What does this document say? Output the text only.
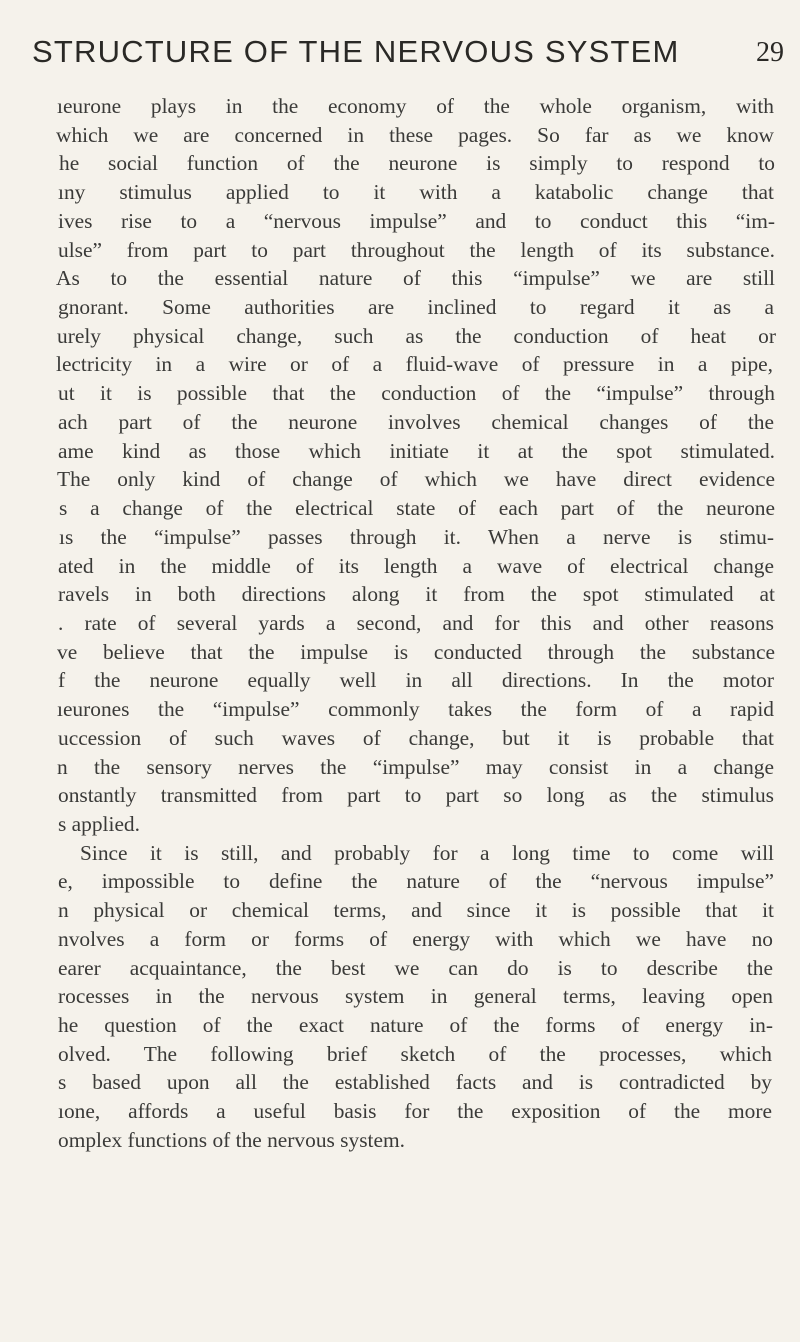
STRUCTURE OF THE NERVOUS SYSTEM	29
ıeurone plays in the economy of the whole organism, with
which we are concerned in these pages. So far as we know
he social function of the neurone is simply to respond to
ıny stimulus applied to it with a katabolic change that
ives rise to a “nervous impulse” and to conduct this “im-
ulse” from part to part throughout the length of its substance.
As to the essential nature of this “impulse” we are still
gnorant. Some authorities are inclined to regard it as a
urely physical change, such as the conduction of heat or
lectricity in a wire or of a fluid-wave of pressure in a pipe,
ut it is possible that the conduction of the “impulse” through
ach part of the neurone involves chemical changes of the
ame kind as those which initiate it at the spot stimulated.
The only kind of change of which we have direct evidence
s a change of the electrical state of each part of the neurone
ıs the “impulse” passes through it. When a nerve is stimu-
ated in the middle of its length a wave of electrical change
ravels in both directions along it from the spot stimulated at
. rate of several yards a second, and for this and other reasons
ve believe that the impulse is conducted through the substance
f the neurone equally well in all directions. In the motor
ıeurones the “impulse” commonly takes the form of a rapid
uccession of such waves of change, but it is probable that
n the sensory nerves the “impulse” may consist in a change
onstantly transmitted from part to part so long as the stimulus
s applied.
Since it is still, and probably for a long time to come will
e, impossible to define the nature of the “nervous impulse”
n physical or chemical terms, and since it is possible that it
nvolves a form or forms of energy with which we have no
earer acquaintance, the best we can do is to describe the
rocesses in the nervous system in general terms, leaving open
he question of the exact nature of the forms of energy in-
olved. The following brief sketch of the processes, which
s based upon all the established facts and is contradicted by
ıone, affords a useful basis for the exposition of the more
omplex functions of the nervous system.
